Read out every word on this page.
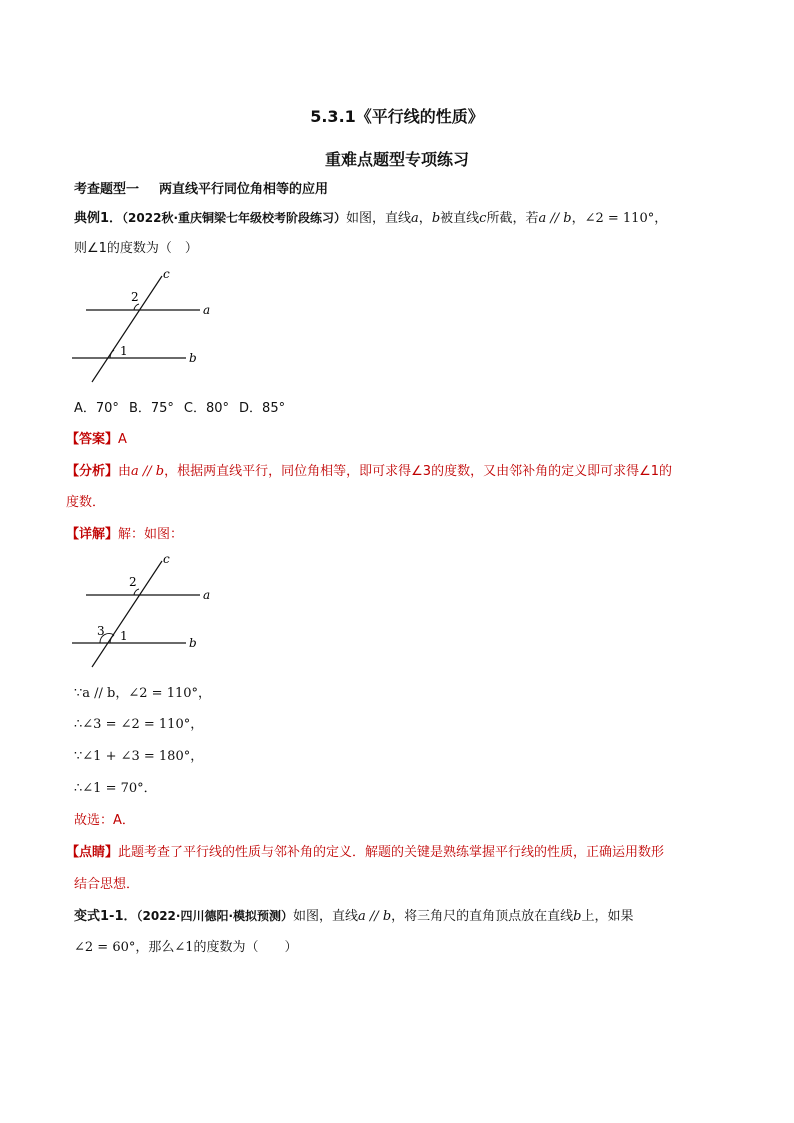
5.3.1《平行线的性质》
重难点题型专项练习
考查题型一 两直线平行同位角相等的应用
典例1．（2022秋·重庆铜梁七年级校考阶段练习）如图，直线a，b被直线c所截，若a // b，∠2 = 110°，
则∠1的度数为（　）
c
a
b
2
1
A．70° B．75° C．80° D．85°
【答案】A
【分析】由a // b，根据两直线平行，同位角相等，即可求得∠3的度数，又由邻补角的定义即可求得∠1的
度数．
【详解】解：如图：
c
a
b
2
3 1
∵a // b，∠2 = 110°，
∴∠3 = ∠2 = 110°，
∵∠1 + ∠3 = 180°，
∴∠1 = 70°．
故选：A．
【点睛】此题考查了平行线的性质与邻补角的定义．解题的关键是熟练掌握平行线的性质，正确运用数形
结合思想．
变式1-1．（2022·四川德阳·模拟预测）如图，直线a // b，将三角尺的直角顶点放在直线b上，如果
∠2 = 60°，那么∠1的度数为（　　）
